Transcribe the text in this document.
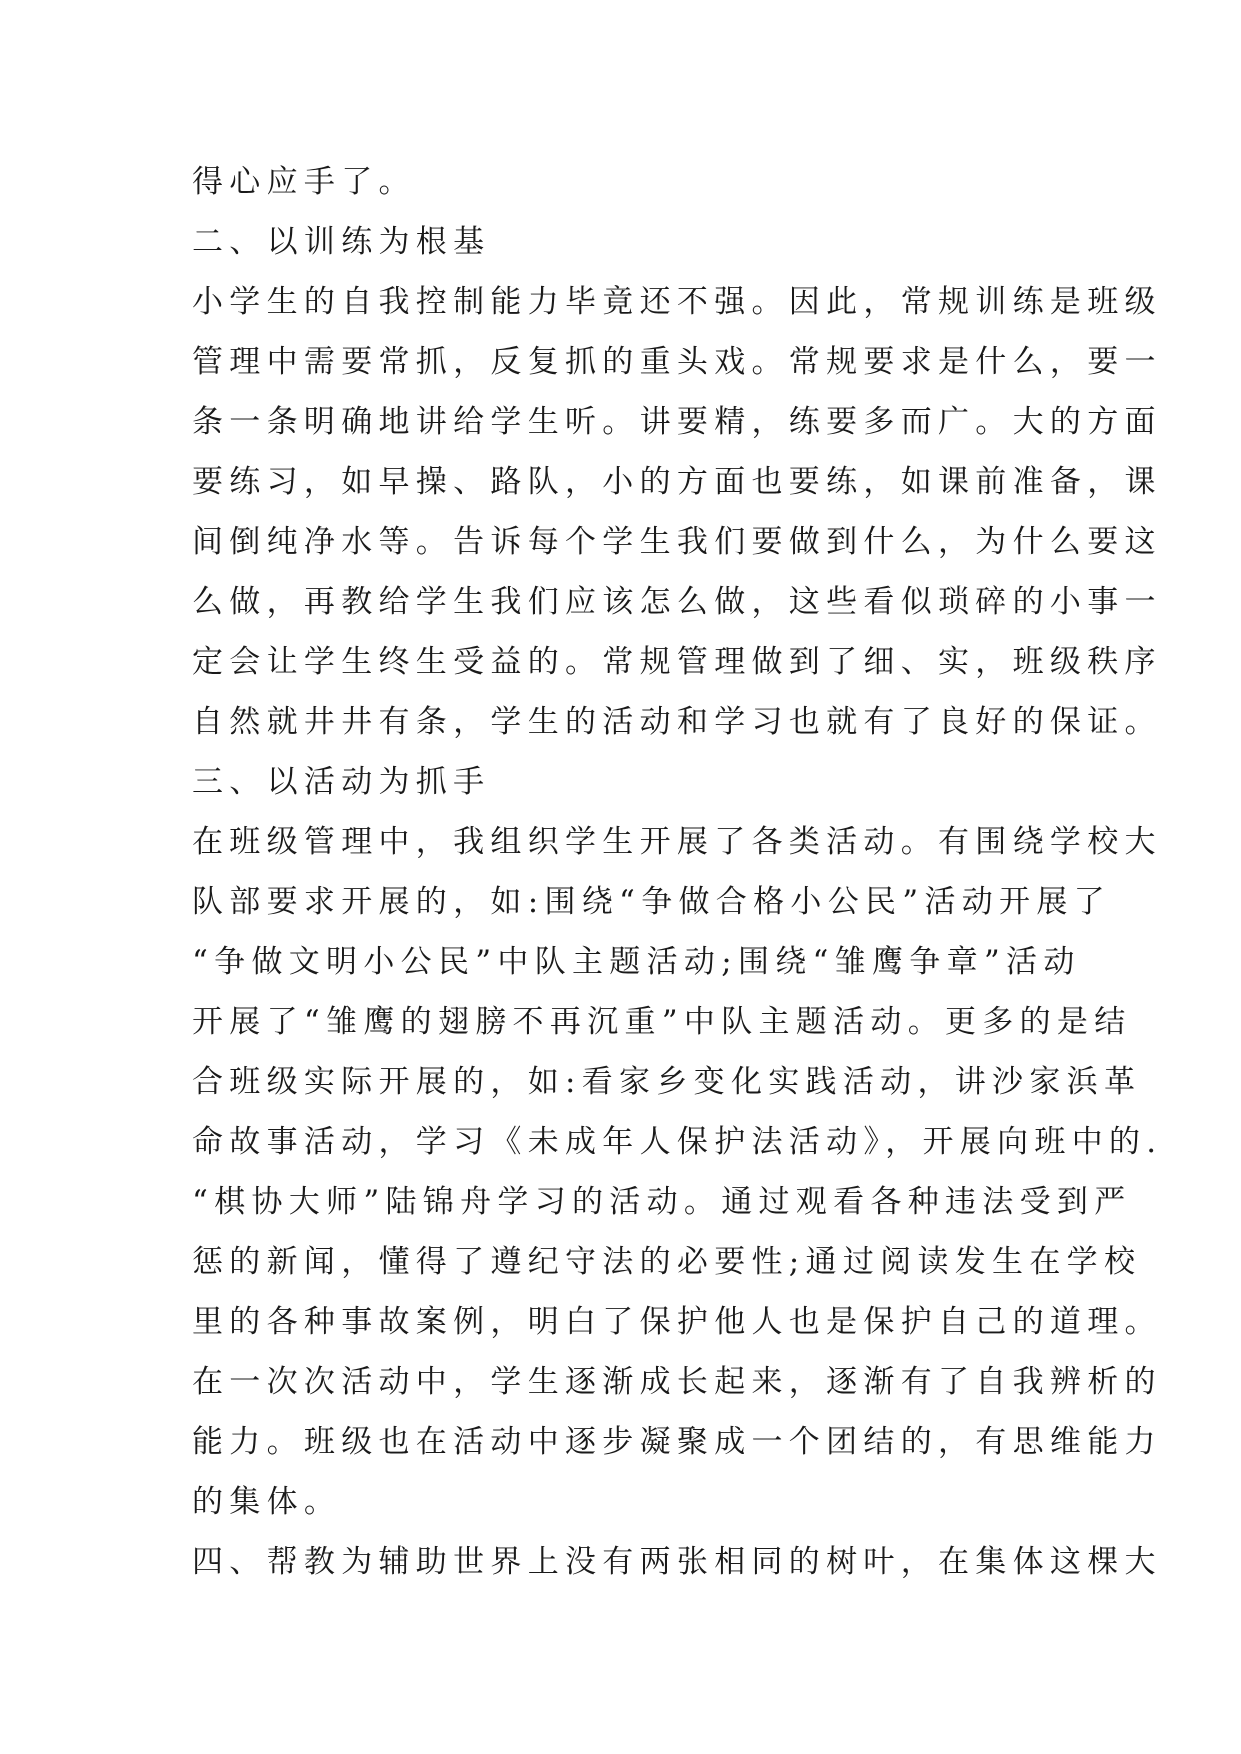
得心应手了。
二、以训练为根基
小学生的自我控制能力毕竟还不强。因此，常规训练是班级
管理中需要常抓，反复抓的重头戏。常规要求是什么，要一
条一条明确地讲给学生听。讲要精，练要多而广。大的方面
要练习，如早操、路队，小的方面也要练，如课前准备，课
间倒纯净水等。告诉每个学生我们要做到什么，为什么要这
么做，再教给学生我们应该怎么做，这些看似琐碎的小事一
定会让学生终生受益的。常规管理做到了细、实，班级秩序
自然就井井有条，学生的活动和学习也就有了良好的保证。
三、以活动为抓手
在班级管理中，我组织学生开展了各类活动。有围绕学校大
队部要求开展的，如:围绕“争做合格小公民”活动开展了
“争做文明小公民”中队主题活动;围绕“雏鹰争章”活动
开展了“雏鹰的翅膀不再沉重”中队主题活动。更多的是结
合班级实际开展的，如:看家乡变化实践活动，讲沙家浜革
命故事活动，学习《未成年人保护法活动》，开展向班中的.
“棋协大师”陆锦舟学习的活动。通过观看各种违法受到严
惩的新闻，懂得了遵纪守法的必要性;通过阅读发生在学校
里的各种事故案例，明白了保护他人也是保护自己的道理。
在一次次活动中，学生逐渐成长起来，逐渐有了自我辨析的
能力。班级也在活动中逐步凝聚成一个团结的，有思维能力
的集体。
四、帮教为辅助世界上没有两张相同的树叶，在集体这棵大
